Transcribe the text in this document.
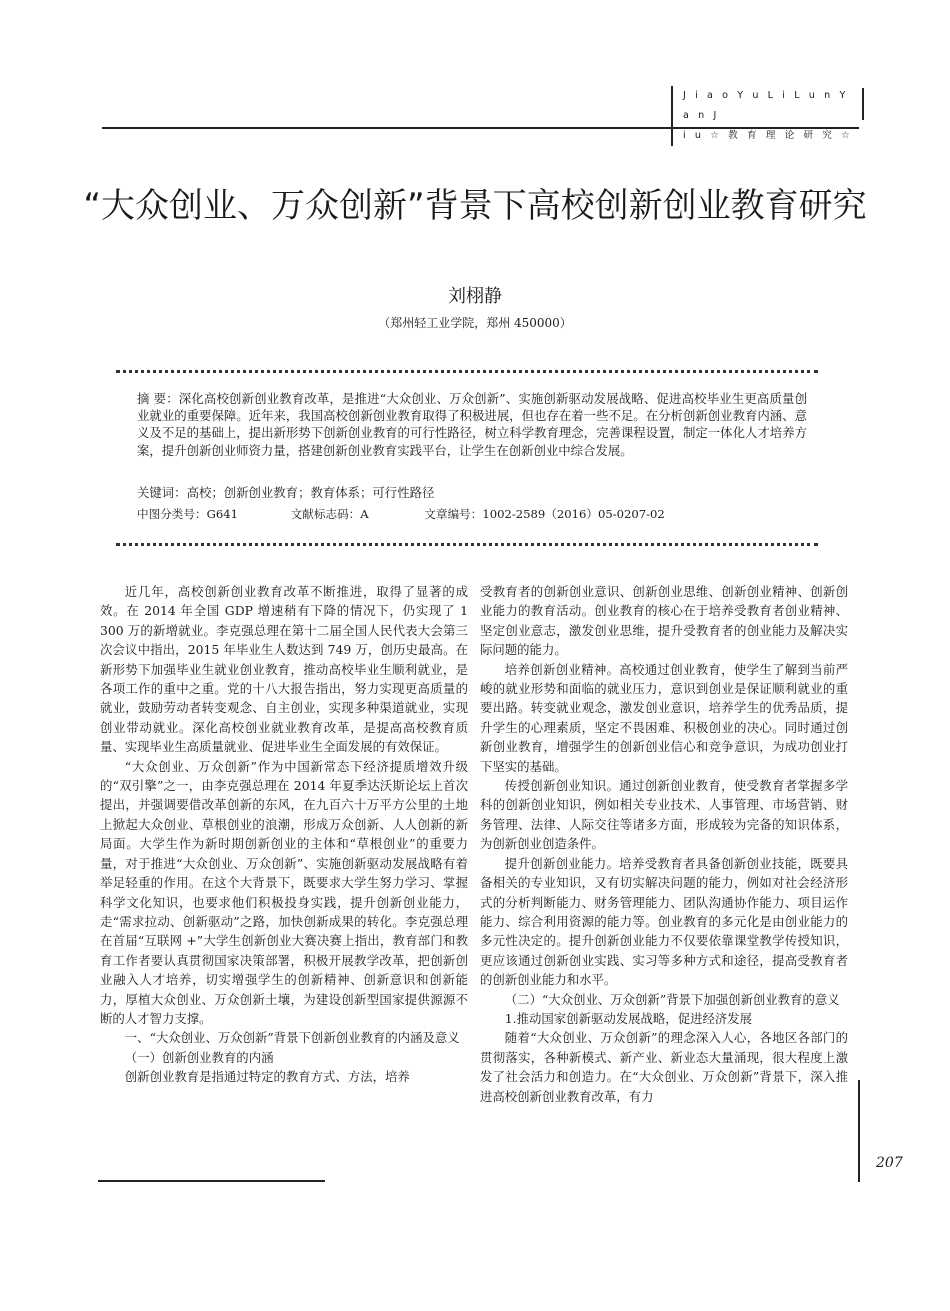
J i a o Y u L i L u n Y a n J
i u ☆ 教 育 理 论 研 究 ☆
“大众创业、万众创新”背景下高校创新创业教育研究
刘栩静
（郑州轻工业学院，郑州 450000）
摘 要：深化高校创新创业教育改革，是推进“大众创业、万众创新”、实施创新驱动发展战略、促进高校毕业生更高质量创业就业的重要保障。近年来，我国高校创新创业教育取得了积极进展，但也存在着一些不足。在分析创新创业教育内涵、意义及不足的基础上，提出新形势下创新创业教育的可行性路径，树立科学教育理念，完善课程设置，制定一体化人才培养方案，提升创新创业师资力量，搭建创新创业教育实践平台，让学生在创新创业中综合发展。
关键词：高校；创新创业教育；教育体系；可行性路径
中图分类号：G641	文献标志码：A	文章编号：1002-2589（2016）05-0207-02

近几年，高校创新创业教育改革不断推进，取得了显著的成效。在 2014 年全国 GDP 增速稍有下降的情况下，仍实现了 1 300 万的新增就业。李克强总理在第十二届全国人民代表大会第三次会议中指出，2015 年毕业生人数达到 749 万，创历史最高。在新形势下加强毕业生就业创业教育，推动高校毕业生顺利就业，是各项工作的重中之重。党的十八大报告指出，努力实现更高质量的就业，鼓励劳动者转变观念、自主创业，实现多种渠道就业，实现创业带动就业。深化高校创业就业教育改革，是提高高校教育质量、实现毕业生高质量就业、促进毕业生全面发展的有效保证。

“大众创业、万众创新”作为中国新常态下经济提质增效升级的“双引擎”之一，由李克强总理在 2014 年夏季达沃斯论坛上首次提出，并强调要借改革创新的东风，在九百六十万平方公里的土地上掀起大众创业、草根创业的浪潮，形成万众创新、人人创新的新局面。大学生作为新时期创新创业的主体和“草根创业”的重要力量，对于推进“大众创业、万众创新”、实施创新驱动发展战略有着举足轻重的作用。在这个大背景下，既要求大学生努力学习、掌握科学文化知识，也要求他们积极投身实践，提升创新创业能力，走“需求拉动、创新驱动”之路，加快创新成果的转化。李克强总理在首届“互联网 +”大学生创新创业大赛决赛上指出，教育部门和教育工作者要认真贯彻国家决策部署，积极开展教学改革，把创新创业融入人才培养，切实增强学生的创新精神、创新意识和创新能力，厚植大众创业、万众创新土壤，为建设创新型国家提供源源不断的人才智力支撑。

一、“大众创业、万众创新”背景下创新创业教育的内涵及意义

（一）创新创业教育的内涵

创新创业教育是指通过特定的教育方式、方法，培养

受教育者的创新创业意识、创新创业思维、创新创业精神、创新创业能力的教育活动。创业教育的核心在于培养受教育者创业精神、坚定创业意志，激发创业思维，提升受教育者的创业能力及解决实际问题的能力。

培养创新创业精神。高校通过创业教育，使学生了解到当前严峻的就业形势和面临的就业压力，意识到创业是保证顺利就业的重要出路。转变就业观念，激发创业意识，培养学生的优秀品质，提升学生的心理素质，坚定不畏困难、积极创业的决心。同时通过创新创业教育，增强学生的创新创业信心和竞争意识，为成功创业打下坚实的基础。

传授创新创业知识。通过创新创业教育，使受教育者掌握多学科的创新创业知识，例如相关专业技术、人事管理、市场营销、财务管理、法律、人际交往等诸多方面，形成较为完备的知识体系，为创新创业创造条件。

提升创新创业能力。培养受教育者具备创新创业技能，既要具备相关的专业知识，又有切实解决问题的能力，例如对社会经济形式的分析判断能力、财务管理能力、团队沟通协作能力、项目运作能力、综合利用资源的能力等。创业教育的多元化是由创业能力的多元性决定的。提升创新创业能力不仅要依靠课堂教学传授知识，更应该通过创新创业实践、实习等多种方式和途径，提高受教育者的创新创业能力和水平。

（二）“大众创业、万众创新”背景下加强创新创业教育的意义

1.推动国家创新驱动发展战略，促进经济发展

随着“大众创业、万众创新”的理念深入人心，各地区各部门的贯彻落实，各种新模式、新产业、新业态大量涌现，很大程度上激发了社会活力和创造力。在“大众创业、万众创新”背景下，深入推进高校创新创业教育改革，有力

207
